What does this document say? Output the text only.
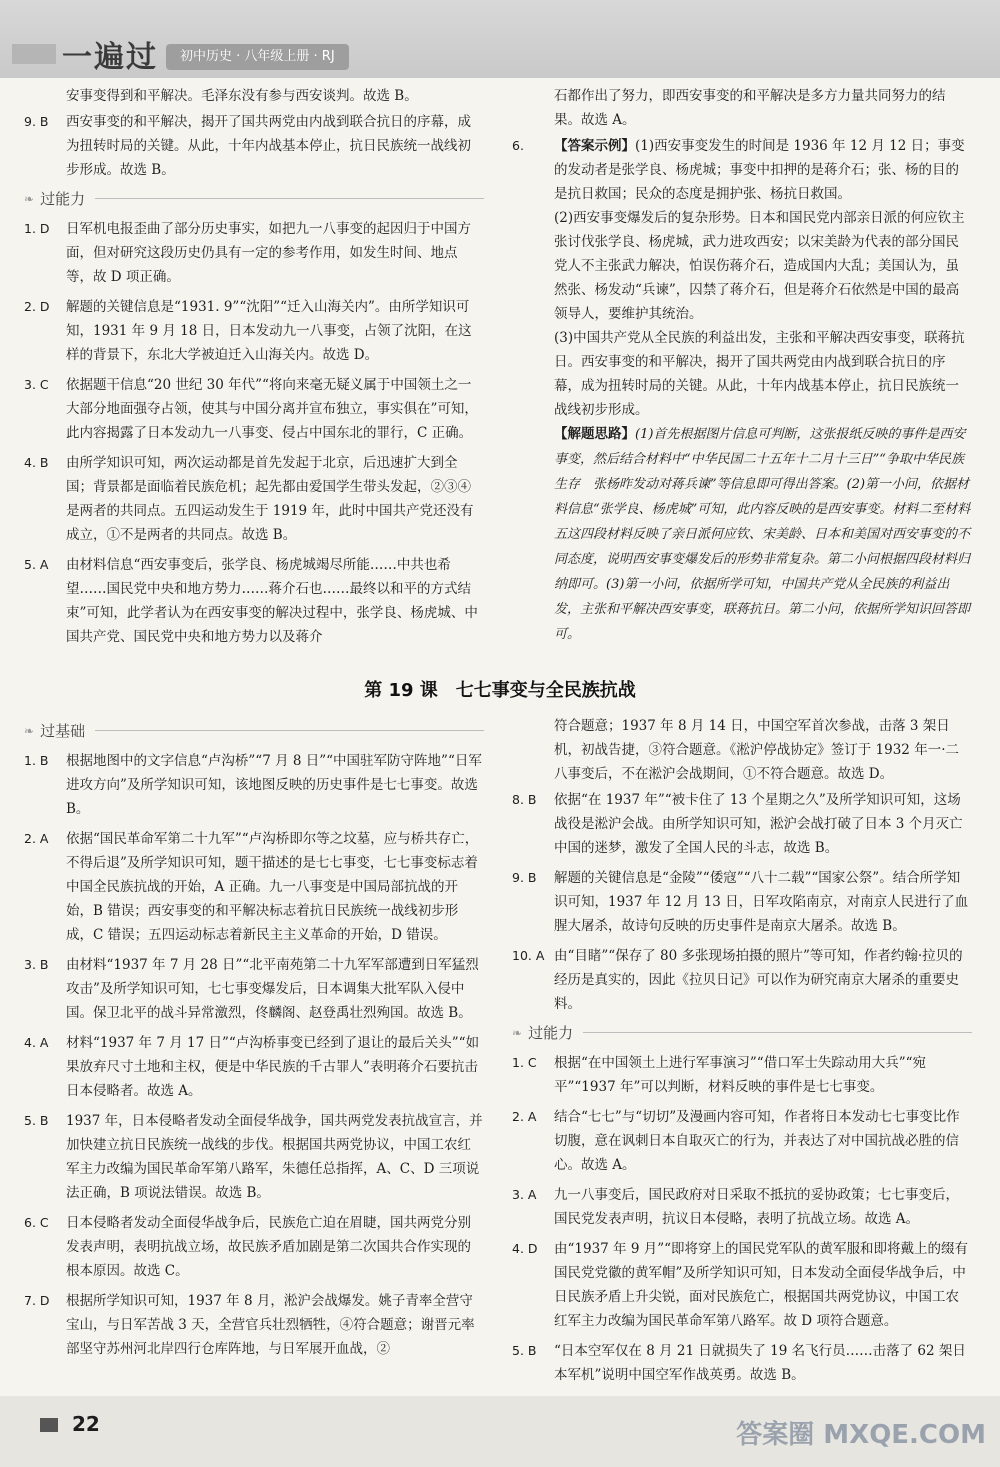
一遍过	初中历史 · 八年级上册 · RJ
安事变得到和平解决。毛泽东没有参与西安谈判。故选 B。
9. B	西安事变的和平解决，揭开了国共两党由内战到联合抗日的序幕，成为扭转时局的关键。从此，十年内战基本停止，抗日民族统一战线初步形成。故选 B。
❧ 过能力
1. D	日军机电报歪曲了部分历史事实，如把九一八事变的起因归于中国方面，但对研究这段历史仍具有一定的参考作用，如发生时间、地点等，故 D 项正确。
2. D	解题的关键信息是“1931. 9”“沈阳”“迁入山海关内”。由所学知识可知，1931 年 9 月 18 日，日本发动九一八事变，占领了沈阳，在这样的背景下，东北大学被迫迁入山海关内。故选 D。
3. C	依据题干信息“20 世纪 30 年代”“将向来毫无疑义属于中国领土之一大部分地面强夺占领，使其与中国分离并宣布独立，事实俱在”可知，此内容揭露了日本发动九一八事变、侵占中国东北的罪行，C 正确。
4. B	由所学知识可知，两次运动都是首先发起于北京，后迅速扩大到全国；背景都是面临着民族危机；起先都由爱国学生带头发起，②③④是两者的共同点。五四运动发生于 1919 年，此时中国共产党还没有成立，①不是两者的共同点。故选 B。
5. A	由材料信息“西安事变后，张学良、杨虎城竭尽所能……中共也希望……国民党中央和地方势力……蒋介石也……最终以和平的方式结束”可知，此学者认为在西安事变的解决过程中，张学良、杨虎城、中国共产党、国民党中央和地方势力以及蒋介
石都作出了努力，即西安事变的和平解决是多方力量共同努力的结果。故选 A。
6.	【答案示例】(1)西安事变发生的时间是 1936 年 12 月 12 日；事变的发动者是张学良、杨虎城；事变中扣押的是蒋介石；张、杨的目的是抗日救国；民众的态度是拥护张、杨抗日救国。
(2)西安事变爆发后的复杂形势。日本和国民党内部亲日派的何应钦主张讨伐张学良、杨虎城，武力进攻西安；以宋美龄为代表的部分国民党人不主张武力解决，怕误伤蒋介石，造成国内大乱；美国认为，虽然张、杨发动“兵谏”，囚禁了蒋介石，但是蒋介石依然是中国的最高领导人，要维护其统治。
(3)中国共产党从全民族的利益出发，主张和平解决西安事变，联蒋抗日。西安事变的和平解决，揭开了国共两党由内战到联合抗日的序幕，成为扭转时局的关键。从此，十年内战基本停止，抗日民族统一战线初步形成。
【解题思路】(1)首先根据图片信息可判断，这张报纸反映的事件是西安事变，然后结合材料中“中华民国二十五年十二月十三日”“争取中华民族生存　张杨昨发动对蒋兵谏”等信息即可得出答案。(2)第一小问，依据材料信息“张学良、杨虎城”可知，此内容反映的是西安事变。材料二至材料五这四段材料反映了亲日派何应钦、宋美龄、日本和美国对西安事变的不同态度，说明西安事变爆发后的形势非常复杂。第二小问根据四段材料归纳即可。(3)第一小问，依据所学可知，中国共产党从全民族的利益出发，主张和平解决西安事变，联蒋抗日。第二小问，依据所学知识回答即可。
第 19 课 七七事变与全民族抗战
❧ 过基础
1. B	根据地图中的文字信息“卢沟桥”“7 月 8 日”“中国驻军防守阵地”“日军进攻方向”及所学知识可知，该地图反映的历史事件是七七事变。故选 B。
2. A	依据“国民革命军第二十九军”“卢沟桥即尔等之坟墓，应与桥共存亡，不得后退”及所学知识可知，题干描述的是七七事变，七七事变标志着中国全民族抗战的开始，A 正确。九一八事变是中国局部抗战的开始，B 错误；西安事变的和平解决标志着抗日民族统一战线初步形成，C 错误；五四运动标志着新民主主义革命的开始，D 错误。
3. B	由材料“1937 年 7 月 28 日”“北平南苑第二十九军军部遭到日军猛烈攻击”及所学知识可知，七七事变爆发后，日本调集大批军队入侵中国。保卫北平的战斗异常激烈，佟麟阁、赵登禹壮烈殉国。故选 B。
4. A	材料“1937 年 7 月 17 日”“卢沟桥事变已经到了退让的最后关头”“如果放弃尺寸土地和主权，便是中华民族的千古罪人”表明蒋介石要抗击日本侵略者。故选 A。
5. B	1937 年，日本侵略者发动全面侵华战争，国共两党发表抗战宣言，并加快建立抗日民族统一战线的步伐。根据国共两党协议，中国工农红军主力改编为国民革命军第八路军，朱德任总指挥，A、C、D 三项说法正确，B 项说法错误。故选 B。
6. C	日本侵略者发动全面侵华战争后，民族危亡迫在眉睫，国共两党分别发表声明，表明抗战立场，故民族矛盾加剧是第二次国共合作实现的根本原因。故选 C。
7. D	根据所学知识可知，1937 年 8 月，淞沪会战爆发。姚子青率全营守宝山，与日军苦战 3 天，全营官兵壮烈牺牲，④符合题意；谢晋元率部坚守苏州河北岸四行仓库阵地，与日军展开血战，②
符合题意；1937 年 8 月 14 日，中国空军首次参战，击落 3 架日机，初战告捷，③符合题意。《淞沪停战协定》签订于 1932 年一·二八事变后，不在淞沪会战期间，①不符合题意。故选 D。
8. B	依据“在 1937 年”“被卡住了 13 个星期之久”及所学知识可知，这场战役是淞沪会战。由所学知识可知，淞沪会战打破了日本 3 个月灭亡中国的迷梦，激发了全国人民的斗志，故选 B。
9. B	解题的关键信息是“金陵”“倭寇”“八十二载”“国家公祭”。结合所学知识可知，1937 年 12 月 13 日，日军攻陷南京，对南京人民进行了血腥大屠杀，故诗句反映的历史事件是南京大屠杀。故选 B。
10. A 由“目睹”“保存了 80 多张现场拍摄的照片”等可知，作者约翰·拉贝的经历是真实的，因此《拉贝日记》可以作为研究南京大屠杀的重要史料。
❧ 过能力
1. C	根据“在中国领土上进行军事演习”“借口军士失踪动用大兵”“宛平”“1937 年”可以判断，材料反映的事件是七七事变。
2. A	结合“七七”与“切切”及漫画内容可知，作者将日本发动七七事变比作切腹，意在讽刺日本自取灭亡的行为，并表达了对中国抗战必胜的信心。故选 A。
3. A	九一八事变后，国民政府对日采取不抵抗的妥协政策；七七事变后，国民党发表声明，抗议日本侵略，表明了抗战立场。故选 A。
4. D	由“1937 年 9 月”“即将穿上的国民党军队的黄军服和即将戴上的缀有国民党党徽的黄军帽”及所学知识可知，日本发动全面侵华战争后，中日民族矛盾上升尖锐，面对民族危亡，根据国共两党协议，中国工农红军主力改编为国民革命军第八路军。故 D 项符合题意。
5. B	“日本空军仅在 8 月 21 日就损失了 19 名飞行员……击落了 62 架日本军机”说明中国空军作战英勇。故选 B。
22	答案圈 MXQE.COM
